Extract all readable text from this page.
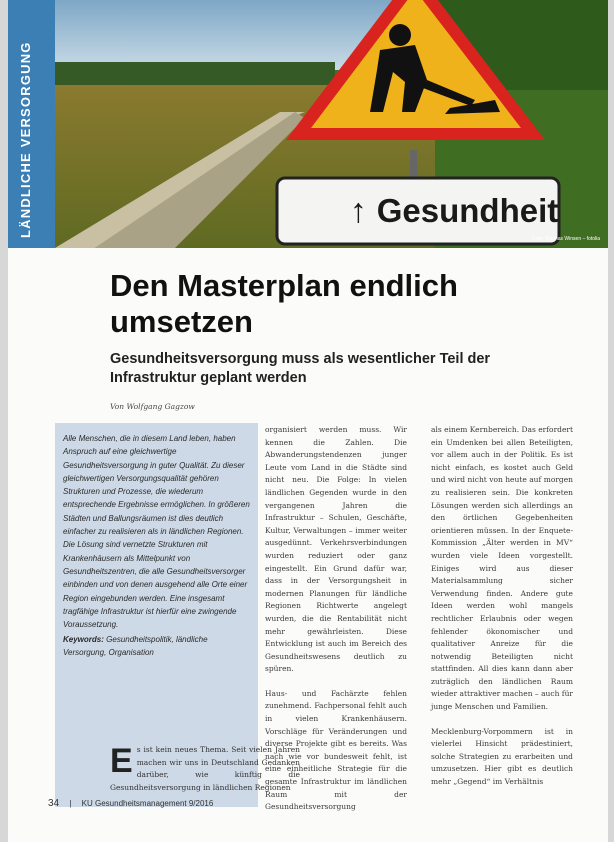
LÄNDLICHE VERSORGUNG	↑ Gesundheit
Foto: Thomas Winsen – fotolia
Den Masterplan endlich umsetzen
Gesundheitsversorgung muss als wesentlicher Teil der Infrastruktur geplant werden
Von Wolfgang Gagzow

Alle Menschen, die in diesem Land leben, haben Anspruch auf eine gleichwertige Gesundheitsversorgung in guter Qualität. Zu dieser gleichwertigen Versorgungsqualität gehören Strukturen und Prozesse, die wiederum entsprechende Ergebnisse ermöglichen. In größeren Städten und Ballungsräumen ist dies deutlich einfacher zu realisieren als in ländlichen Regionen. Die Lösung sind vernetzte Strukturen mit Krankenhäusern als Mittelpunkt von Gesundheitszentren, die alle Gesundheitsversorger einbinden und von denen ausgehend alle Orte einer Region eingebunden werden. Eine insgesamt tragfähige Infrastruktur ist hierfür eine zwingende Voraussetzung.

Keywords: Gesundheitspolitik, ländliche Versorgung, Organisation

Es ist kein neues Thema. Seit vielen Jahren machen wir uns in Deutschland Gedanken darüber, wie künftig die Gesundheitsversorgung in ländlichen Regionen

organisiert werden muss. Wir kennen die Zahlen. Die Abwanderungstendenzen junger Leute vom Land in die Städte sind nicht neu. Die Folge: In vielen ländlichen Gegenden wurde in den vergangenen Jahren die Infrastruktur – Schulen, Geschäfte, Kultur, Verwaltungen – immer weiter ausgedünnt. Verkehrsverbindungen wurden reduziert oder ganz eingestellt. Ein Grund dafür war, dass in der Versorgungsheit in modernen Planungen für ländliche Regionen Richtwerte angelegt wurden, die die Rentabilität nicht mehr gewährleisten. Diese Entwicklung ist auch im Bereich des Gesundheitswesens deutlich zu spüren.

Haus- und Fachärzte fehlen zunehmend. Fachpersonal fehlt auch in vielen Krankenhäusern. Vorschläge für Veränderungen und diverse Projekte gibt es bereits. Was nach wie vor bundesweit fehlt, ist eine einheitliche Strategie für die gesamte Infrastruktur im ländlichen Raum mit der Gesundheitsversorgung

als einem Kernbereich. Das erfordert ein Umdenken bei allen Beteiligten, vor allem auch in der Politik. Es ist nicht einfach, es kostet auch Geld und wird nicht von heute auf morgen zu realisieren sein. Die konkreten Lösungen werden sich allerdings an den örtlichen Gegebenheiten orientieren müssen. In der Enquete-Kommission „Älter werden in MV“ wurden viele Ideen vorgestellt. Einiges wird aus dieser Materialsammlung sicher Verwendung finden. Andere gute Ideen werden wohl mangels rechtlicher Erlaubnis oder wegen fehlender ökonomischer und qualitativer Anreize für die notwendig Beteiligten nicht stattfinden. All dies kann dann aber zuträglich den ländlichen Raum wieder attraktiver machen – auch für junge Menschen und Familien.

Mecklenburg-Vorpommern ist in vielerlei Hinsicht prädestiniert, solche Strategien zu erarbeiten und umzusetzen. Hier gibt es deutlich mehr „Gegend“ im Verhältnis

34 | KU Gesundheitsmanagement 9/2016
